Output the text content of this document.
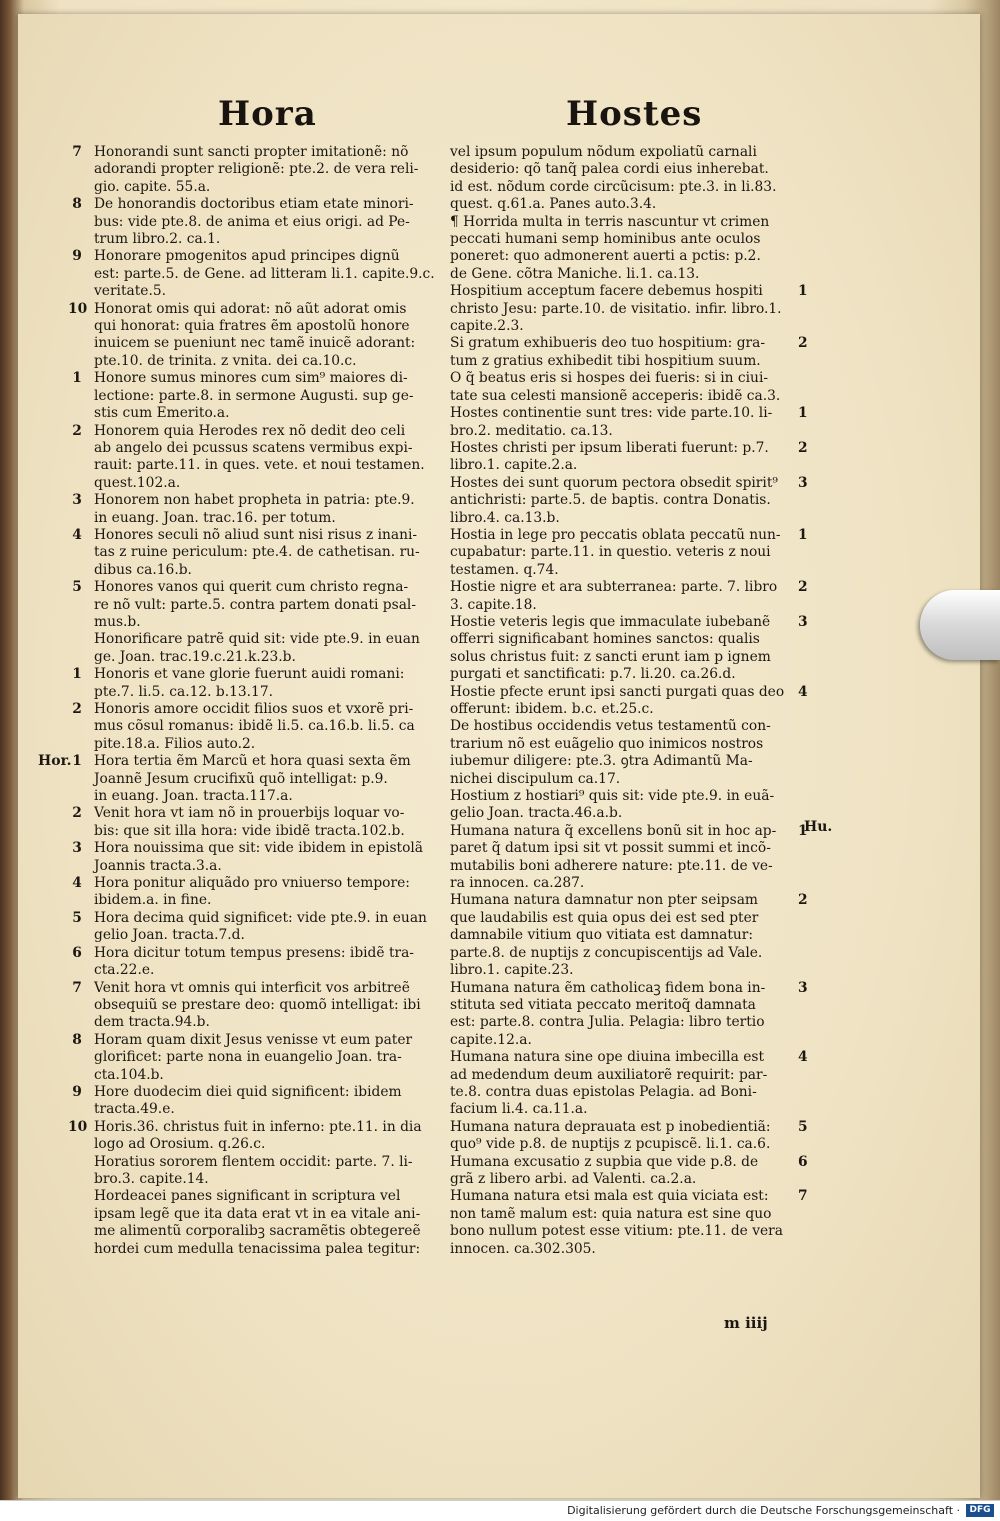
Hora	Hostes
7 Honorandi sunt sancti propter imitationẽ: nõ
adorandi propter religionẽ: pte.2. de vera reli-
gio. capite. 55.a.
8 De honorandis doctoribus etiam etate minori-
bus: vide pte.8. de anima et eius origi. ad Pe-
trum libro.2. ca.1.
9 Honorare pmogenitos apud principes dignũ
est: parte.5. de Gene. ad litteram li.1. capite.9.c.
veritate.5.
10 Honorat omis qui adorat: nõ aũt adorat omis
qui honorat: quia fratres ẽm apostolũ honore
inuicem se pueniunt nec tamẽ inuicẽ adorant:
pte.10. de trinita. z vnita. dei ca.10.c.
1 Honore sumus minores cum sim⁹ maiores di-
lectione: parte.8. in sermone Augusti. sup ge-
stis cum Emerito.a.
2 Honorem quia Herodes rex nõ dedit deo celi
ab angelo dei pcussus scatens vermibus expi-
rauit: parte.11. in ques. vete. et noui testamen.
quest.102.a.
3 Honorem non habet propheta in patria: pte.9.
in euang. Joan. trac.16. per totum.
4 Honores seculi nõ aliud sunt nisi risus z inani-
tas z ruine periculum: pte.4. de cathetisan. ru-
dibus ca.16.b.
5 Honores vanos qui querit cum christo regna-
re nõ vult: parte.5. contra partem donati psal-
mus.b.
Honorificare patrẽ quid sit: vide pte.9. in euan
ge. Joan. trac.19.c.21.k.23.b.
1 Honoris et vane glorie fuerunt auidi romani:
pte.7. li.5. ca.12. b.13.17.
2 Honoris amore occidit filios suos et vxorẽ pri-
mus cõsul romanus: ibidẽ li.5. ca.16.b. li.5. ca
pite.18.a. Filios auto.2.
1
Hor. Hora tertia ẽm Marcũ et hora quasi sexta ẽm
Joannẽ Jesum crucifixũ quõ intelligat: p.9.
in euang. Joan. tracta.117.a.
2 Venit hora vt iam nõ in prouerbijs loquar vo-
bis: que sit illa hora: vide ibidẽ tracta.102.b.
3 Hora nouissima que sit: vide ibidem in epistolã
Joannis tracta.3.a.
4 Hora ponitur aliquãdo pro vniuerso tempore:
ibidem.a. in fine.
5 Hora decima quid significet: vide pte.9. in euan
gelio Joan. tracta.7.d.
6 Hora dicitur totum tempus presens: ibidẽ tra-
cta.22.e.
7 Venit hora vt omnis qui interficit vos arbitreẽ
obsequiũ se prestare deo: quomõ intelligat: ibi
dem tracta.94.b.
8 Horam quam dixit Jesus venisse vt eum pater
glorificet: parte nona in euangelio Joan. tra-
cta.104.b.
9 Hore duodecim diei quid significent: ibidem
tracta.49.e.
10 Horis.36. christus fuit in inferno: pte.11. in dia
logo ad Orosium. q.26.c.
Horatius sororem flentem occidit: parte. 7. li-
bro.3. capite.14.
Hordeacei panes significant in scriptura vel
ipsam legẽ que ita data erat vt in ea vitale ani-
me alimentũ corporalibꝫ sacramẽtis obtegereẽ
hordei cum medulla tenacissima palea tegitur:
vel ipsum populum nõdum expoliatũ carnali
desiderio: qõ tanq̃ palea cordi eius inherebat.
id est. nõdum corde circũcisum: pte.3. in li.83.
quest. q.61.a. Panes auto.3.4.
¶ Horrida multa in terris nascuntur vt crimen
peccati humani semp hominibus ante oculos
poneret: quo admonerent auerti a pctis: p.2.
de Gene. cõtra Maniche. li.1. ca.13.
1
Hospitium acceptum facere debemus hospiti
christo Jesu: parte.10. de visitatio. infir. libro.1.
capite.2.3.
2
Si gratum exhibueris deo tuo hospitium: gra-
tum z gratius exhibedit tibi hospitium suum.
O q̃ beatus eris si hospes dei fueris: si in ciui-
tate sua celesti mansionẽ acceperis: ibidẽ ca.3.
1
Hostes continentie sunt tres: vide parte.10. li-
bro.2. meditatio. ca.13.
2
Hostes christi per ipsum liberati fuerunt: p.7.
libro.1. capite.2.a.
3
Hostes dei sunt quorum pectora obsedit spirit⁹
antichristi: parte.5. de baptis. contra Donatis.
libro.4. ca.13.b.
1
Hostia in lege pro peccatis oblata peccatũ nun-
cupabatur: parte.11. in questio. veteris z noui
testamen. q.74.
2
Hostie nigre et ara subterranea: parte. 7. libro
3. capite.18.
3
Hostie veteris legis que immaculate iubebanẽ
offerri significabant homines sanctos: qualis
solus christus fuit: z sancti erunt iam p ignem
purgati et sanctificati: p.7. li.20. ca.26.d.
4
Hostie pfecte erunt ipsi sancti purgati quas deo
offerunt: ibidem. b.c. et.25.c.
De hostibus occidendis vetus testamentũ con-
trarium nõ est euãgelio quo inimicos nostros
iubemur diligere: pte.3. ꝯtra Adimantũ Ma-
nichei discipulum ca.17.
Hostium z hostiari⁹ quis sit: vide pte.9. in euã-
gelio Joan. tracta.46.a.b.
1
Hu.
Humana natura q̃ excellens bonũ sit in hoc ap-
paret q̃ datum ipsi sit vt possit summi et incõ-
mutabilis boni adherere nature: pte.11. de ve-
ra innocen. ca.287.
2
Humana natura damnatur non pter seipsam
que laudabilis est quia opus dei est sed pter
damnabile vitium quo vitiata est damnatur:
parte.8. de nuptijs z concupiscentijs ad Vale.
libro.1. capite.23.
3
Humana natura ẽm catholicaꝫ fidem bona in-
stituta sed vitiata peccato meritoq̃ damnata
est: parte.8. contra Julia. Pelagia: libro tertio
capite.12.a.
4
Humana natura sine ope diuina imbecilla est
ad medendum deum auxiliatorẽ requirit: par-
te.8. contra duas epistolas Pelagia. ad Boni-
facium li.4. ca.11.a.
5
Humana natura deprauata est p inobedientiã:
quo⁹ vide p.8. de nuptijs z pcupiscẽ. li.1. ca.6.
6
Humana excusatio z supbia que vide p.8. de
grã z libero arbi. ad Valenti. ca.2.a.
7
Humana natura etsi mala est quia viciata est:
non tamẽ malum est: quia natura est sine quo
bono nullum potest esse vitium: pte.11. de vera
innocen. ca.302.305.
m iiij
Digitalisierung gefördert durch die Deutsche Forschungsgemeinschaft ·	DFG
